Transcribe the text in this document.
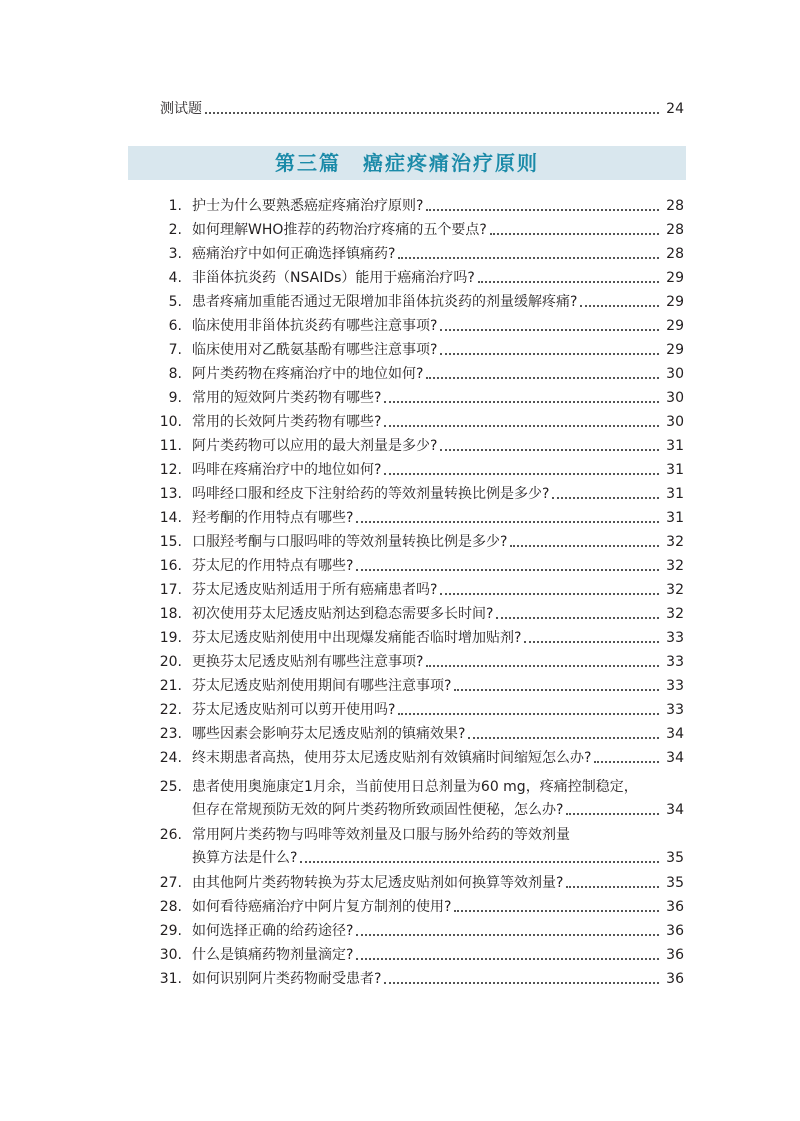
测试题	24
第三篇　癌症疼痛治疗原则
1. 护士为什么要熟悉癌症疼痛治疗原则?	28
2. 如何理解WHO推荐的药物治疗疼痛的五个要点?	28
3. 癌痛治疗中如何正确选择镇痛药?	28
4. 非甾体抗炎药（NSAIDs）能用于癌痛治疗吗?	29
5. 患者疼痛加重能否通过无限增加非甾体抗炎药的剂量缓解疼痛?	29
6. 临床使用非甾体抗炎药有哪些注意事项?	29
7. 临床使用对乙酰氨基酚有哪些注意事项?	29
8. 阿片类药物在疼痛治疗中的地位如何?	30
9. 常用的短效阿片类药物有哪些?	30
10. 常用的长效阿片类药物有哪些?	30
11. 阿片类药物可以应用的最大剂量是多少?	31
12. 吗啡在疼痛治疗中的地位如何?	31
13. 吗啡经口服和经皮下注射给药的等效剂量转换比例是多少?	31
14. 羟考酮的作用特点有哪些?	31
15. 口服羟考酮与口服吗啡的等效剂量转换比例是多少?	32
16. 芬太尼的作用特点有哪些?	32
17. 芬太尼透皮贴剂适用于所有癌痛患者吗?	32
18. 初次使用芬太尼透皮贴剂达到稳态需要多长时间?	32
19. 芬太尼透皮贴剂使用中出现爆发痛能否临时增加贴剂?	33
20. 更换芬太尼透皮贴剂有哪些注意事项?	33
21. 芬太尼透皮贴剂使用期间有哪些注意事项?	33
22. 芬太尼透皮贴剂可以剪开使用吗?	33
23. 哪些因素会影响芬太尼透皮贴剂的镇痛效果?	34
24. 终末期患者高热，使用芬太尼透皮贴剂有效镇痛时间缩短怎么办?	34
25. 患者使用奥施康定1月余，当前使用日总剂量为60 mg，疼痛控制稳定，
但存在常规预防无效的阿片类药物所致顽固性便秘，怎么办?	34
26. 常用阿片类药物与吗啡等效剂量及口服与肠外给药的等效剂量
换算方法是什么?	35
27. 由其他阿片类药物转换为芬太尼透皮贴剂如何换算等效剂量?	35
28. 如何看待癌痛治疗中阿片复方制剂的使用?	36
29. 如何选择正确的给药途径?	36
30. 什么是镇痛药物剂量滴定?	36
31. 如何识别阿片类药物耐受患者?	36
